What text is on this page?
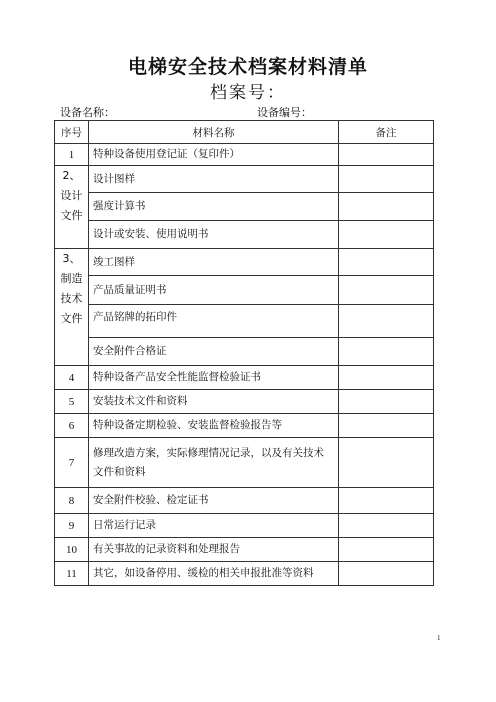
电梯安全技术档案材料清单
档案号：
设备名称：	设备编号：
序号	材料名称	备注
1	特种设备使用登记证（复印件）	
2、设计文件	设计图样	
	强度计算书	
	设计或安装、使用说明书	
3、制造技术文件	竣工图样	
	产品质量证明书	
	产品铭牌的拓印件	
	安全附件合格证	
4	特种设备产品安全性能监督检验证书	
5	安装技术文件和资料	
6	特种设备定期检验、安装监督检验报告等	
7	修理改造方案，实际修理情况记录，以及有关技术文件和资料	
8	安全附件校验、检定证书	
9	日常运行记录	
10	有关事故的记录资料和处理报告	
11	其它，如设备停用、缓检的相关申报批准等资料	
1
